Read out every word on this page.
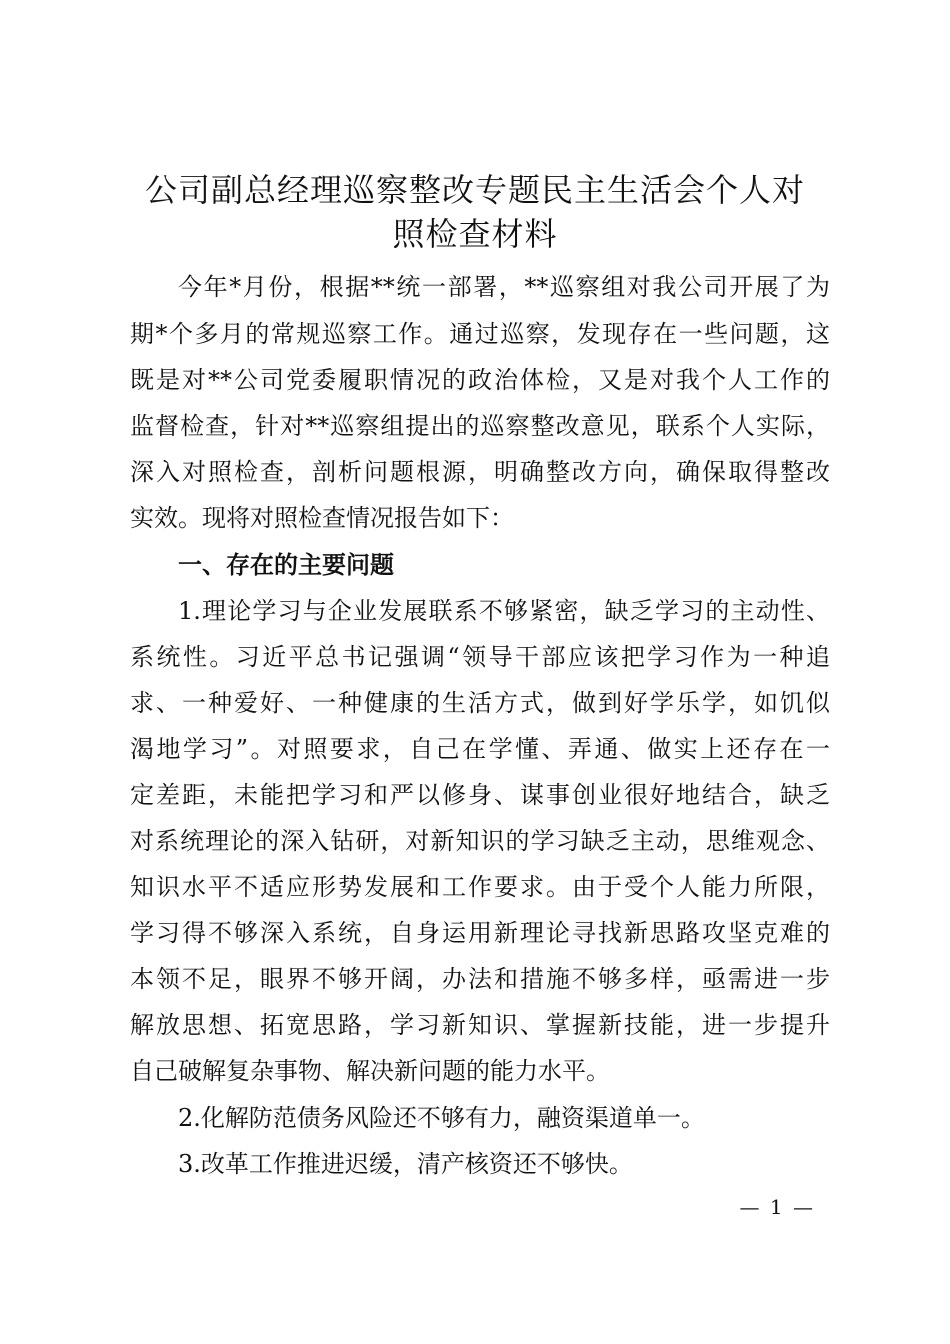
公司副总经理巡察整改专题民主生活会个人对
照检查材料
今年*月份，根据**统一部署，**巡察组对我公司开展了为
期*个多月的常规巡察工作。通过巡察，发现存在一些问题，这
既是对**公司党委履职情况的政治体检，又是对我个人工作的
监督检查，针对**巡察组提出的巡察整改意见，联系个人实际，
深入对照检查，剖析问题根源，明确整改方向，确保取得整改
实效。现将对照检查情况报告如下：
一、存在的主要问题
1.理论学习与企业发展联系不够紧密，缺乏学习的主动性、
系统性。习近平总书记强调“领导干部应该把学习作为一种追
求、一种爱好、一种健康的生活方式，做到好学乐学，如饥似
渴地学习”。对照要求，自己在学懂、弄通、做实上还存在一
定差距，未能把学习和严以修身、谋事创业很好地结合，缺乏
对系统理论的深入钻研，对新知识的学习缺乏主动，思维观念、
知识水平不适应形势发展和工作要求。由于受个人能力所限，
学习得不够深入系统，自身运用新理论寻找新思路攻坚克难的
本领不足，眼界不够开阔，办法和措施不够多样，亟需进一步
解放思想、拓宽思路，学习新知识、掌握新技能，进一步提升
自己破解复杂事物、解决新问题的能力水平。
2.化解防范债务风险还不够有力，融资渠道单一。
3.改革工作推进迟缓，清产核资还不够快。
— 1 —
